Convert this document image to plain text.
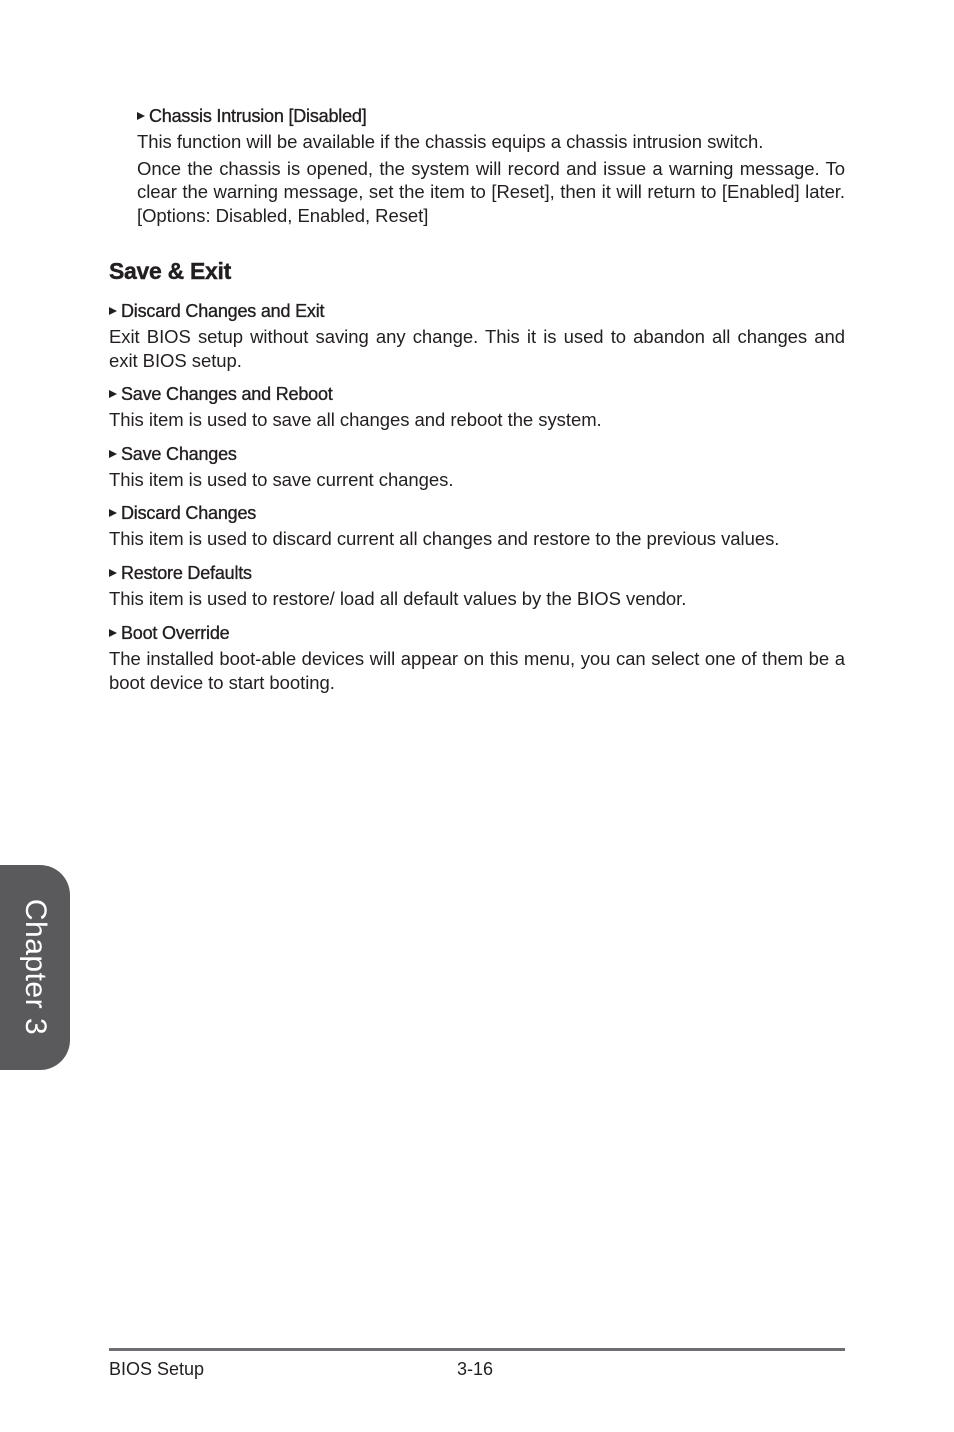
Chassis Intrusion [Disabled]

This function will be available if the chassis equips a chassis intrusion switch.

Once the chassis is opened, the system will record and issue a warning message. To clear the warning message, set the item to [Reset], then it will return to [Enabled] later. [Options: Disabled, Enabled, Reset]

Save & Exit

Discard Changes and Exit

Exit BIOS setup without saving any change. This it is used to abandon all changes and exit BIOS setup.

Save Changes and Reboot

This item is used to save all changes and reboot the system.

Save Changes

This item is used to save current changes.

Discard Changes

This item is used to discard current all changes and restore to the previous values.

Restore Defaults

This item is used to restore/ load all default values by the BIOS vendor.

Boot Override

The installed boot-able devices will appear on this menu, you can select one of them be a boot device to start booting.

Chapter 3
BIOS Setup	3-16
